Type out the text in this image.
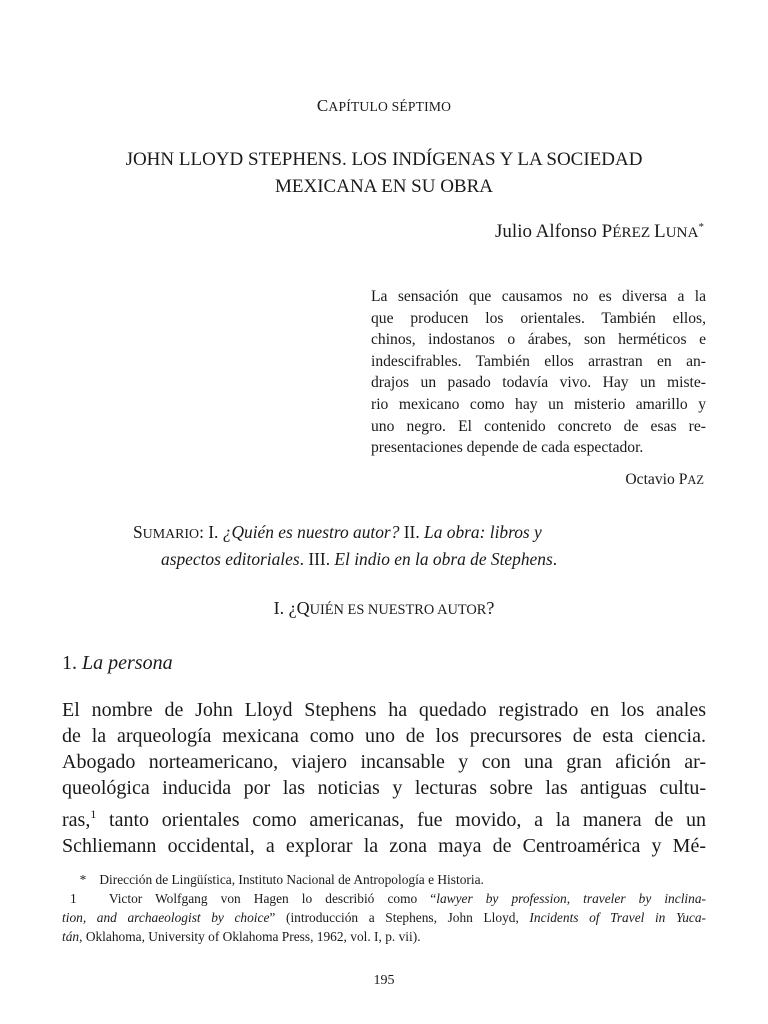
CAPÍTULO SÉPTIMO
JOHN LLOYD STEPHENS. LOS INDÍGENAS Y LA SOCIEDAD
MEXICANA EN SU OBRA
Julio Alfonso PÉREZ LUNA*
La sensación que causamos no es diversa a la
que producen los orientales. También ellos,
chinos, indostanos o árabes, son herméticos e
indescifrables. También ellos arrastran en an-
drajos un pasado todavía vivo. Hay un miste-
rio mexicano como hay un misterio amarillo y
uno negro. El contenido concreto de esas re-
presentaciones depende de cada espectador.
Octavio PAZ
SUMARIO: I. ¿Quién es nuestro autor? II. La obra: libros y
aspectos editoriales. III. El indio en la obra de Stephens.
I. ¿QUIÉN ES NUESTRO AUTOR?
1. La persona
El nombre de John Lloyd Stephens ha quedado registrado en los anales
de la arqueología mexicana como uno de los precursores de esta ciencia.
Abogado norteamericano, viajero incansable y con una gran afición ar-
queológica inducida por las noticias y lecturas sobre las antiguas cultu-
ras,$^1$ tanto orientales como americanas, fue movido, a la manera de un
Schliemann occidental, a explorar la zona maya de Centroamérica y Mé-
* Dirección de Lingüística, Instituto Nacional de Antropología e Historia.
1 Victor Wolfgang von Hagen lo describió como “lawyer by profession, traveler by inclina-
tion, and archaeologist by choice” (introducción a Stephens, John Lloyd, Incidents of Travel in Yuca-
tán, Oklahoma, University of Oklahoma Press, 1962, vol. I, p. vii).
195
